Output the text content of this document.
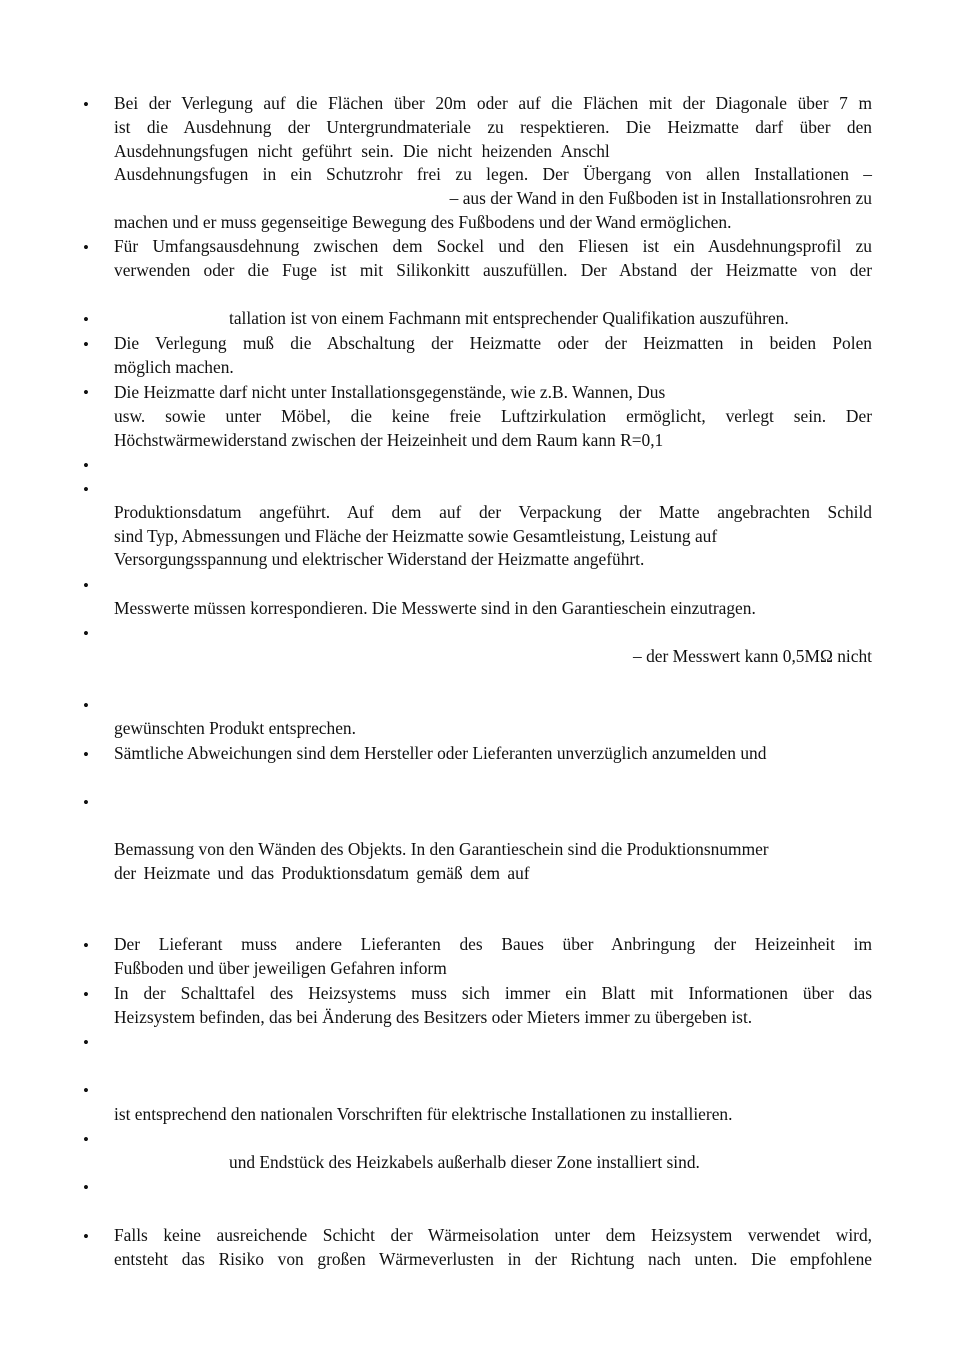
•
•
•
•
•
•
•
•
•
•
•
•
•
•
•
•
•
•
•
Bei der Verlegung auf die Flächen über 20m oder auf die Flächen mit der Diagonale über 7 m
ist die Ausdehnung der Untergrundmateriale zu respektieren. Die Heizmatte darf über den
Ausdehnungsfugen nicht geführt sein. Die nicht heizenden Anschl
Ausdehnungsfugen in ein Schutzrohr frei zu legen. Der Übergang von allen Installationen –
– aus der Wand in den Fußboden ist in Installationsrohren zu
machen und er muss gegenseitige Bewegung des Fußbodens und der Wand ermöglichen.
Für Umfangsausdehnung zwischen dem Sockel und den Fliesen ist ein Ausdehnungsprofil zu
verwenden oder die Fuge ist mit Silikonkitt auszufüllen. Der Abstand der Heizmatte von der
tallation ist von einem Fachmann mit entsprechender Qualifikation auszuführen.
Die Verlegung muß die Abschaltung der Heizmatte oder der Heizmatten in beiden Polen
möglich machen.
Die Heizmatte darf nicht unter Installationsgegenstände, wie z.B. Wannen, Dus
usw. sowie unter Möbel, die keine freie Luftzirkulation ermöglicht, verlegt sein. Der
Höchstwärmewiderstand zwischen der Heizeinheit und dem Raum kann R=0,1
Produktionsdatum angeführt. Auf dem auf der Verpackung der Matte angebrachten Schild
sind Typ, Abmessungen und Fläche der Heizmatte sowie Gesamtleistung, Leistung auf
Versorgungsspannung und elektrischer Widerstand der Heizmatte angeführt.
Messwerte müssen korrespondieren. Die Messwerte sind in den Garantieschein einzutragen.
– der Messwert kann 0,5MΩ nicht
gewünschten Produkt entsprechen.
Sämtliche Abweichungen sind dem Hersteller oder Lieferanten unverzüglich anzumelden und
Bemassung von den Wänden des Objekts. In den Garantieschein sind die Produktionsnummer
der Heizmate und das Produktionsdatum gemäß dem auf
Der Lieferant muss andere Lieferanten des Baues über Anbringung der Heizeinheit im
Fußboden und über jeweiligen Gefahren inform
In der Schalttafel des Heizsystems muss sich immer ein Blatt mit Informationen über das
Heizsystem befinden, das bei Änderung des Besitzers oder Mieters immer zu übergeben ist.
ist entsprechend den nationalen Vorschriften für elektrische Installationen zu installieren.
und Endstück des Heizkabels außerhalb dieser Zone installiert sind.
Falls keine ausreichende Schicht der Wärmeisolation unter dem Heizsystem verwendet wird,
entsteht das Risiko von großen Wärmeverlusten in der Richtung nach unten. Die empfohlene
